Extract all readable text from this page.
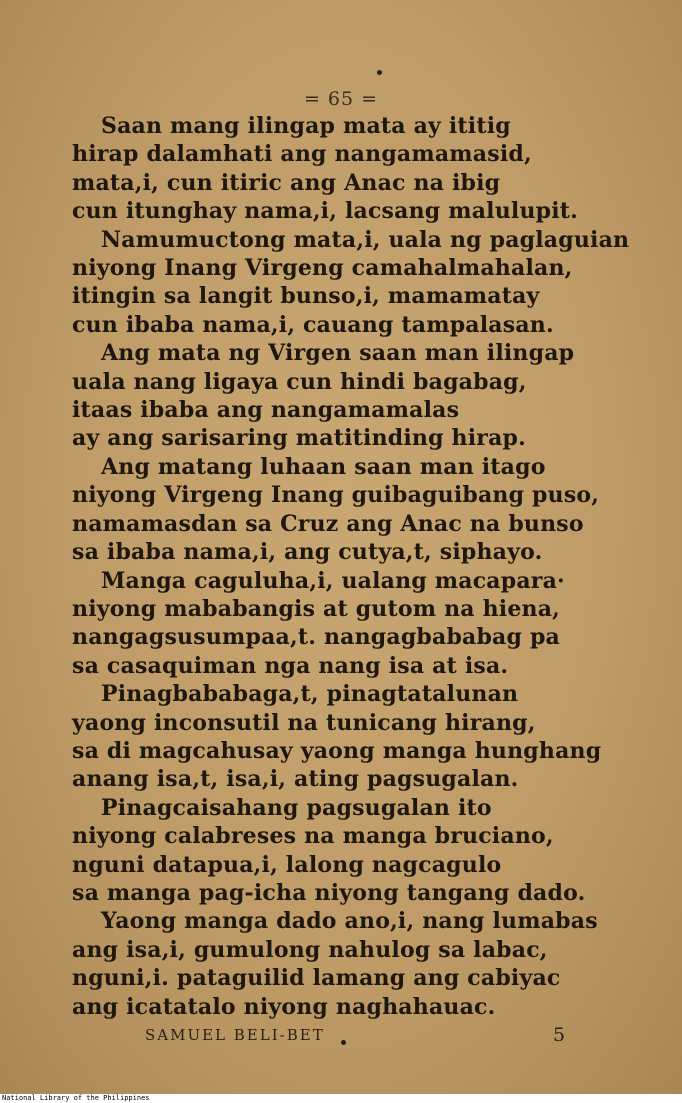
= 65 =
Saan mang ilingap mata ay ititig
hirap dalamhati ang nangamamasid,
mata,i, cun itiric ang Anac na ibig
cun itunghay nama,i, lacsang malulupit.
Namumuctong mata,i, uala ng paglaguian
niyong Inang Virgeng camahalmahalan,
itingin sa langit bunso,i, mamamatay
cun ibaba nama,i, cauang tampalasan.
Ang mata ng Virgen saan man ilingap
uala nang ligaya cun hindi bagabag,
itaas ibaba ang nangamamalas
ay ang sarisaring matitinding hirap.
Ang matang luhaan saan man itago
niyong Virgeng Inang guibaguibang puso,
namamasdan sa Cruz ang Anac na bunso
sa ibaba nama,i, ang cutya,t, siphayo.
Manga caguluha,i, ualang macapara·
niyong mababangis at gutom na hiena,
nangagsusumpaa,t. nangagbababag pa
sa casaquiman nga nang isa at isa.
Pinagbababaga,t, pinagtatalunan
yaong inconsutil na tunicang hirang,
sa di magcahusay yaong manga hunghang
anang isa,t, isa,i, ating pagsugalan.
Pinagcaisahang pagsugalan ito
niyong calabreses na manga bruciano,
nguni datapua,i, lalong nagcagulo
sa manga pag-icha niyong tangang dado.
Yaong manga dado ano,i, nang lumabas
ang isa,i, gumulong nahulog sa labac,
nguni,i. pataguilid lamang ang cabiyac
ang icatatalo niyong naghahauac.
SAMUEL BELI-BET	5
National Library of the Philippines
